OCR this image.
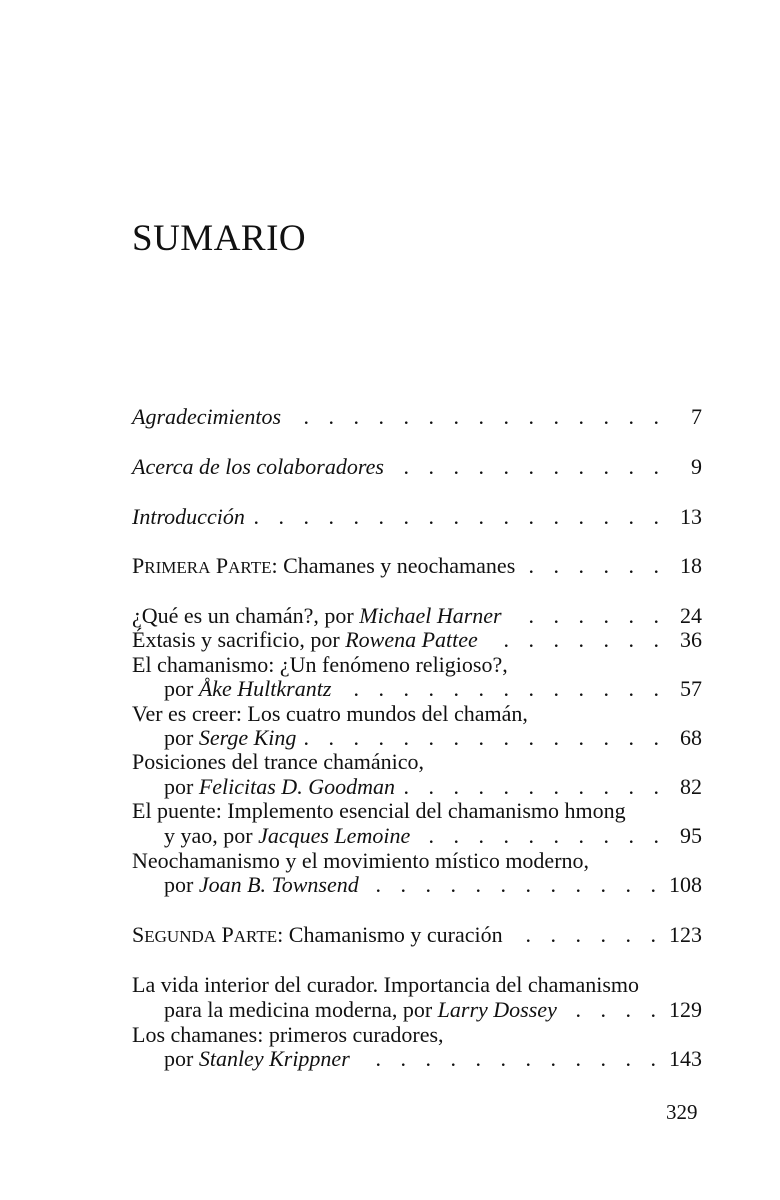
SUMARIO
Agradecimientos . . .	7
Acerca de los colaboradores . . .	9
Introducción . . .	13
PRIMERA PARTE: Chamanes y neochamanes . . .	18
¿Qué es un chamán?, por Michael Harner . . .	24
Éxtasis y sacrificio, por Rowena Pattee . . .	36
El chamanismo: ¿Un fenómeno religioso?,
por Åke Hultkrantz . . .	57
Ver es creer: Los cuatro mundos del chamán,
por Serge King . . .	68
Posiciones del trance chamánico,
por Felicitas D. Goodman . . .	82
El puente: Implemento esencial del chamanismo hmong
y yao, por Jacques Lemoine . . .	95
Neochamanismo y el movimiento místico moderno,
por Joan B. Townsend . . .	108
SEGUNDA PARTE: Chamanismo y curación . . .	123
La vida interior del curador. Importancia del chamanismo
para la medicina moderna, por Larry Dossey . . .	129
Los chamanes: primeros curadores,
por Stanley Krippner . . .	143
329
